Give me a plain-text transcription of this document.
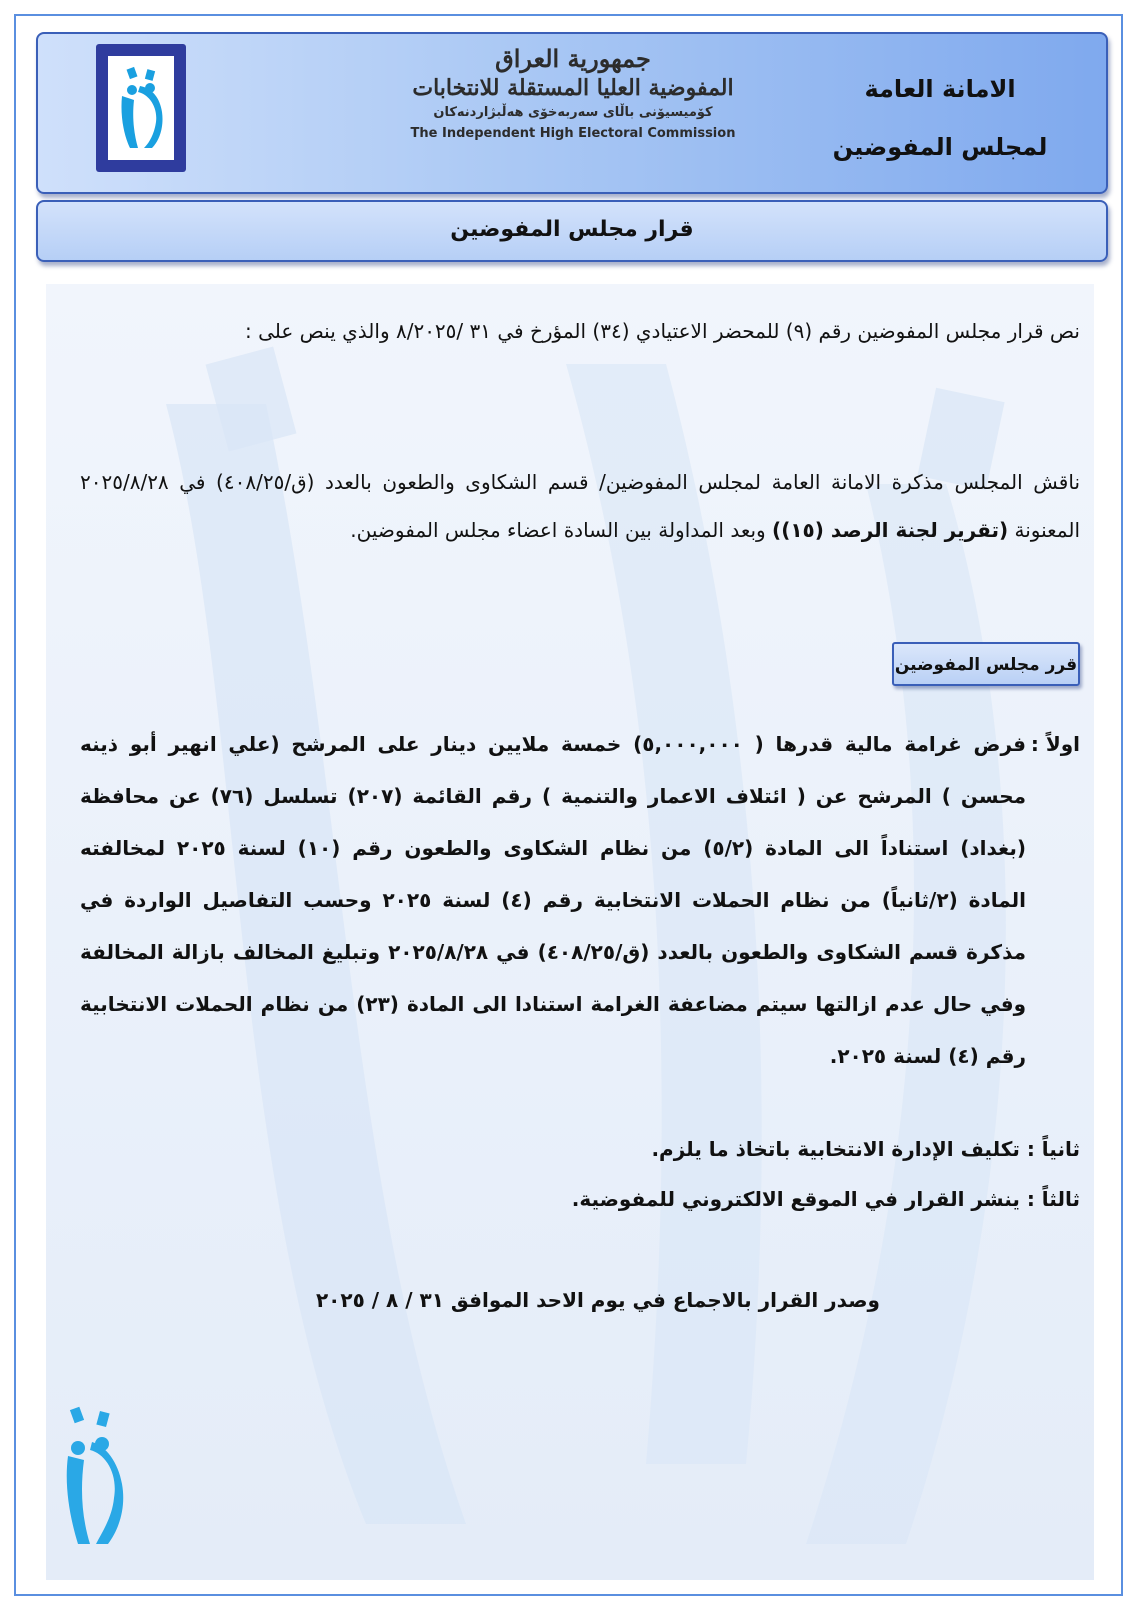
جمهورية العراق
المفوضية العليا المستقلة للانتخابات
كۆمیسیۆنی باڵای سەربەخۆی هەڵبژاردنەکان
The Independent High Electoral Commission
الامانة العامة
لمجلس المفوضين
قرار مجلس المفوضين
نص قرار مجلس المفوضين رقم (٩) للمحضر الاعتيادي (٣٤) المؤرخ في ٣١ /٨/٢٠٢٥ والذي ينص على :
ناقش المجلس مذكرة الامانة العامة لمجلس المفوضين/ قسم الشكاوى والطعون بالعدد (ق/٤٠٨/٢٥) في ٢٠٢٥/٨/٢٨ المعنونة (تقرير لجنة الرصد (١٥)) وبعد المداولة بين السادة اعضاء مجلس المفوضين.
قرر مجلس المفوضين
اولاً :
فرض غرامة مالية قدرها ( ٥,٠٠٠,٠٠٠) خمسة ملايين دينار على المرشح (علي انهير أبو ذينه محسن ) المرشح عن ( ائتلاف الاعمار والتنمية ) رقم القائمة (٢٠٧) تسلسل (٧٦) عن محافظة (بغداد) استناداً الى المادة (٥/٢) من نظام الشكاوى والطعون رقم (١٠) لسنة ٢٠٢٥ لمخالفته المادة (٢/ثانياً) من نظام الحملات الانتخابية رقم (٤) لسنة ٢٠٢٥ وحسب التفاصيل الواردة في مذكرة قسم الشكاوى والطعون بالعدد (ق/٤٠٨/٢٥) في ٢٠٢٥/٨/٢٨ وتبليغ المخالف بازالة المخالفة وفي حال عدم ازالتها سيتم مضاعفة الغرامة استنادا الى المادة (٢٣) من نظام الحملات الانتخابية رقم (٤) لسنة ٢٠٢٥.
ثانياً : تكليف الإدارة الانتخابية باتخاذ ما يلزم.
ثالثاً : ينشر القرار في الموقع الالكتروني للمفوضية.
وصدر القرار بالاجماع في يوم الاحد الموافق ٣١ / ٨ / ٢٠٢٥
